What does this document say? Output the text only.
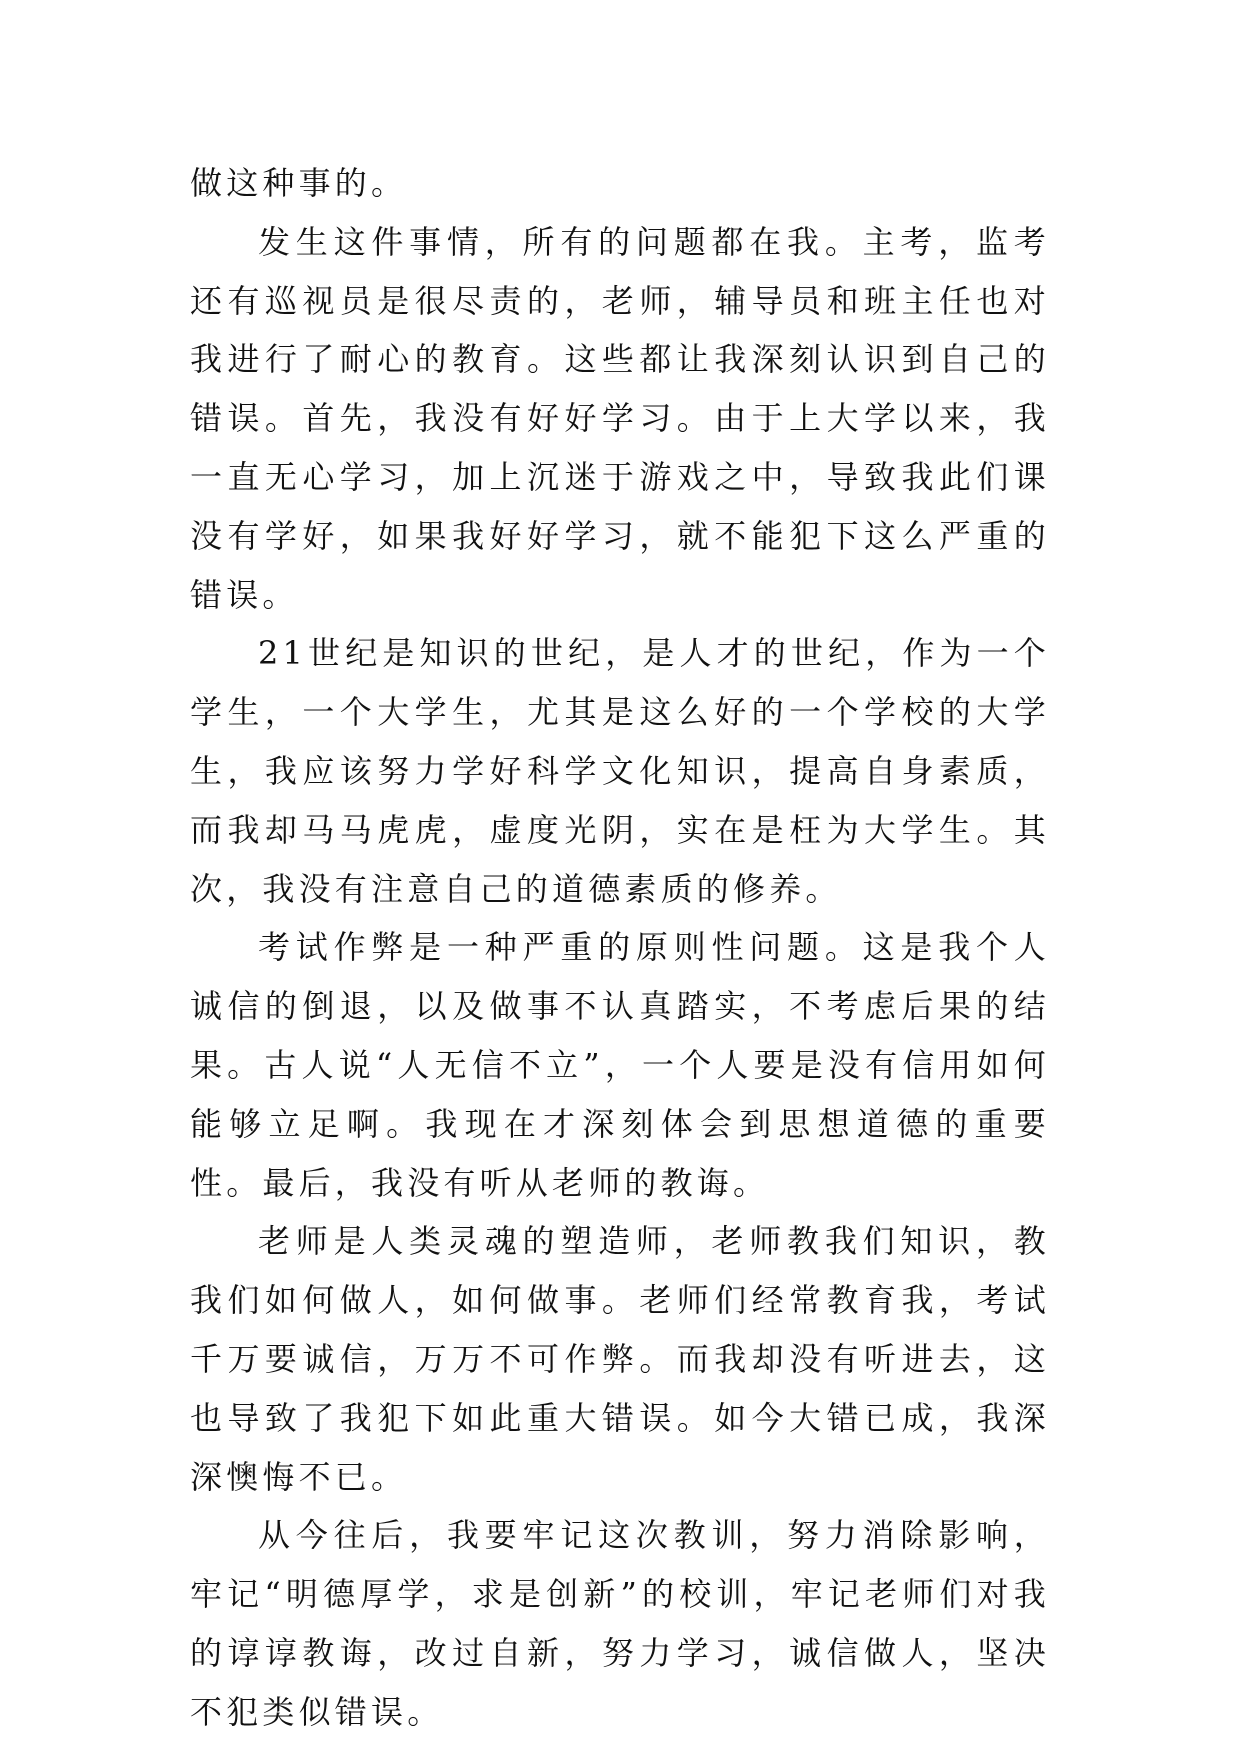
做这种事的。

发生这件事情，所有的问题都在我。主考，监考还有巡视员是很尽责的，老师，辅导员和班主任也对我进行了耐心的教育。这些都让我深刻认识到自己的错误。首先，我没有好好学习。由于上大学以来，我一直无心学习，加上沉迷于游戏之中，导致我此们课没有学好，如果我好好学习，就不能犯下这么严重的错误。

21世纪是知识的世纪，是人才的世纪，作为一个学生，一个大学生，尤其是这么好的一个学校的大学生，我应该努力学好科学文化知识，提高自身素质，而我却马马虎虎，虚度光阴，实在是枉为大学生。其次，我没有注意自己的道德素质的修养。

考试作弊是一种严重的原则性问题。这是我个人诚信的倒退，以及做事不认真踏实，不考虑后果的结果。古人说“人无信不立”，一个人要是没有信用如何能够立足啊。我现在才深刻体会到思想道德的重要性。最后，我没有听从老师的教诲。

老师是人类灵魂的塑造师，老师教我们知识，教我们如何做人，如何做事。老师们经常教育我，考试千万要诚信，万万不可作弊。而我却没有听进去，这也导致了我犯下如此重大错误。如今大错已成，我深深懊悔不已。

从今往后，我要牢记这次教训，努力消除影响，牢记“明德厚学，求是创新”的校训，牢记老师们对我的谆谆教诲，改过自新，努力学习，诚信做人，坚决不犯类似错误。
